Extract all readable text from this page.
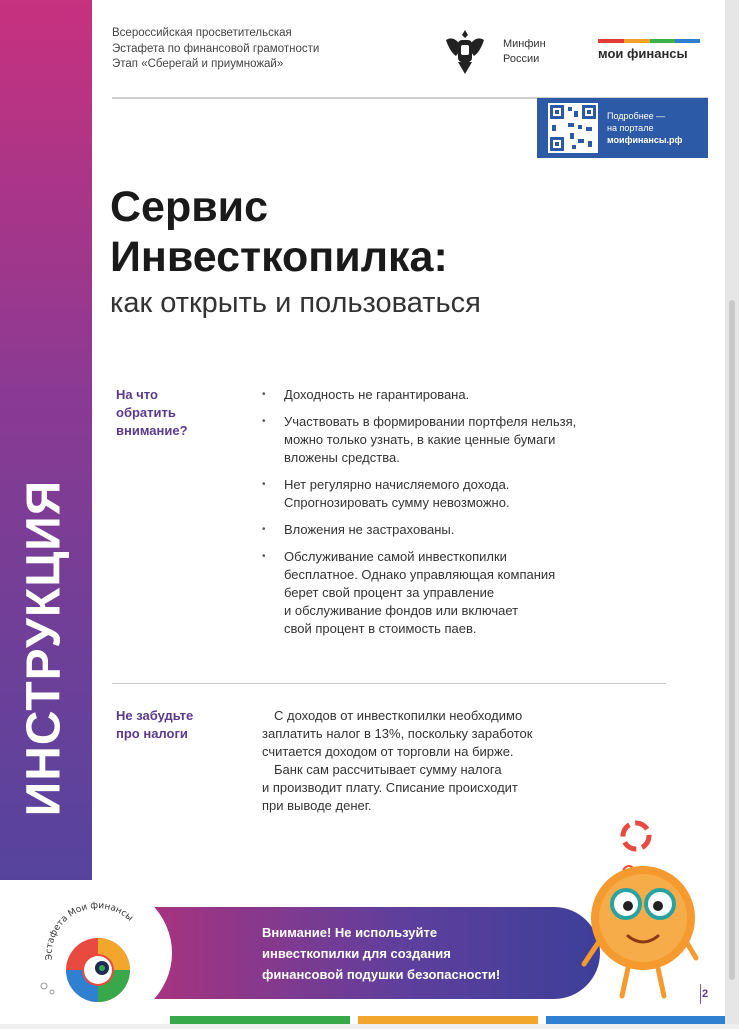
ИНСТРУКЦИЯ
Всероссийская просветительская
Эстафета по финансовой грамотности
Этап «Сберегай и приумножай»
Минфин
России	мои финансы
Подробнее —
на портале
моифинансы.рф
Сервис
Инвесткопилка:
как открыть и пользоваться
На что
обратить
внимание?
• Доходность не гарантирована.
• Участвовать в формировании портфеля нельзя,
можно только узнать, в какие ценные бумаги
вложены средства.
• Нет регулярно начисляемого дохода.
Спрогнозировать сумму невозможно.
• Вложения не застрахованы.
• Обслуживание самой инвесткопилки
бесплатное. Однако управляющая компания
берет свой процент за управление
и обслуживание фондов или включает
свой процент в стоимость паев.
Не забудьте
про налоги
С доходов от инвесткопилки необходимо
заплатить налог в 13%, поскольку заработок
считается доходом от торговли на бирже.
Банк сам рассчитывает сумму налога
и производит плату. Списание происходит
при выводе денег.
Внимание! Не используйте
инвесткопилки для создания
финансовой подушки безопасности!
Эстафета Мои финансы
2
